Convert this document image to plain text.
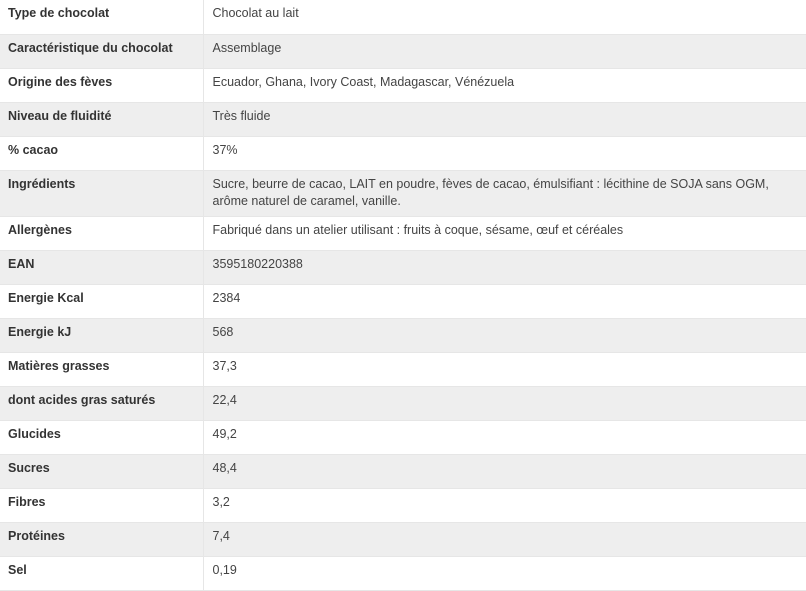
Type de chocolat	Chocolat au lait
Caractéristique du chocolat	Assemblage
Origine des fèves	Ecuador, Ghana, Ivory Coast, Madagascar, Vénézuela
Niveau de fluidité	Très fluide
% cacao	37%
Ingrédients	Sucre, beurre de cacao, LAIT en poudre, fèves de cacao, émulsifiant : lécithine de SOJA sans OGM, arôme naturel de caramel, vanille.
Allergènes	Fabriqué dans un atelier utilisant : fruits à coque, sésame, œuf et céréales
EAN	3595180220388
Energie Kcal	2384
Energie kJ	568
Matières grasses	37,3
dont acides gras saturés	22,4
Glucides	49,2
Sucres	48,4
Fibres	3,2
Protéines	7,4
Sel	0,19
